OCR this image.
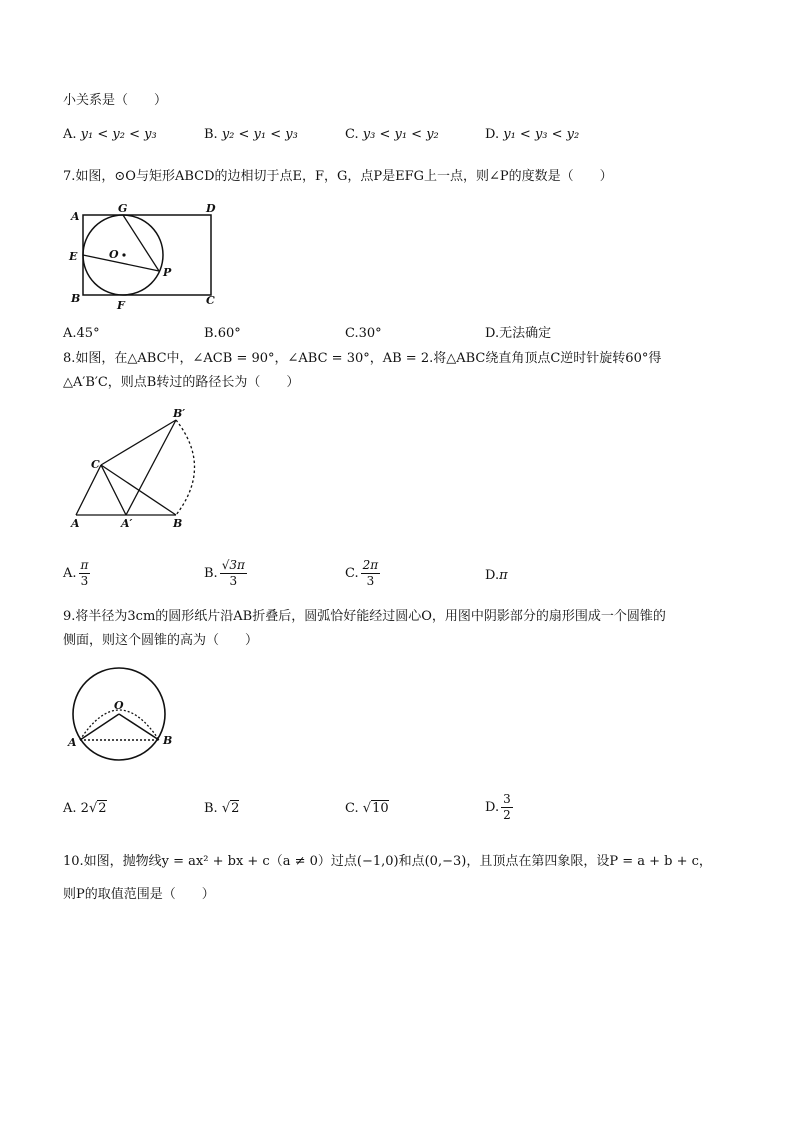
小关系是（　　）
A. y₁ < y₂ < y₃	B. y₂ < y₁ < y₃	C. y₃ < y₁ < y₂	D. y₁ < y₃ < y₂
7.如图，⊙O与矩形ABCD的边相切于点E，F，G，点P是EFG上一点，则∠P的度数是（　　）
A
G	D
E	O
P
B
F	C
A.45°	B.60°	C.30°	D.无法确定
8.如图，在△ABC中，∠ACB = 90°，∠ABC = 30°，AB = 2.将△ABC绕直角顶点C逆时针旋转60°得
△A′B′C，则点B转过的路径长为（　　）
B′
C
A	A′	B
A. $\frac{\pi}{3}$	B. $\frac{√3\pi}{3}$	C. $\frac{2\pi}{3}$	D.π
9.将半径为3cm的圆形纸片沿AB折叠后，圆弧恰好能经过圆心O，用图中阴影部分的扇形围成一个圆锥的
侧面，则这个圆锥的高为（　　）
O
A	B
A. 2√2	B. √2	C. √10	D. $\frac{3}{2}$
10.如图，抛物线y = ax² + bx + c（a ≠ 0）过点(−1,0)和点(0,−3)，且顶点在第四象限，设P = a + b + c，
则P的取值范围是（　　）
